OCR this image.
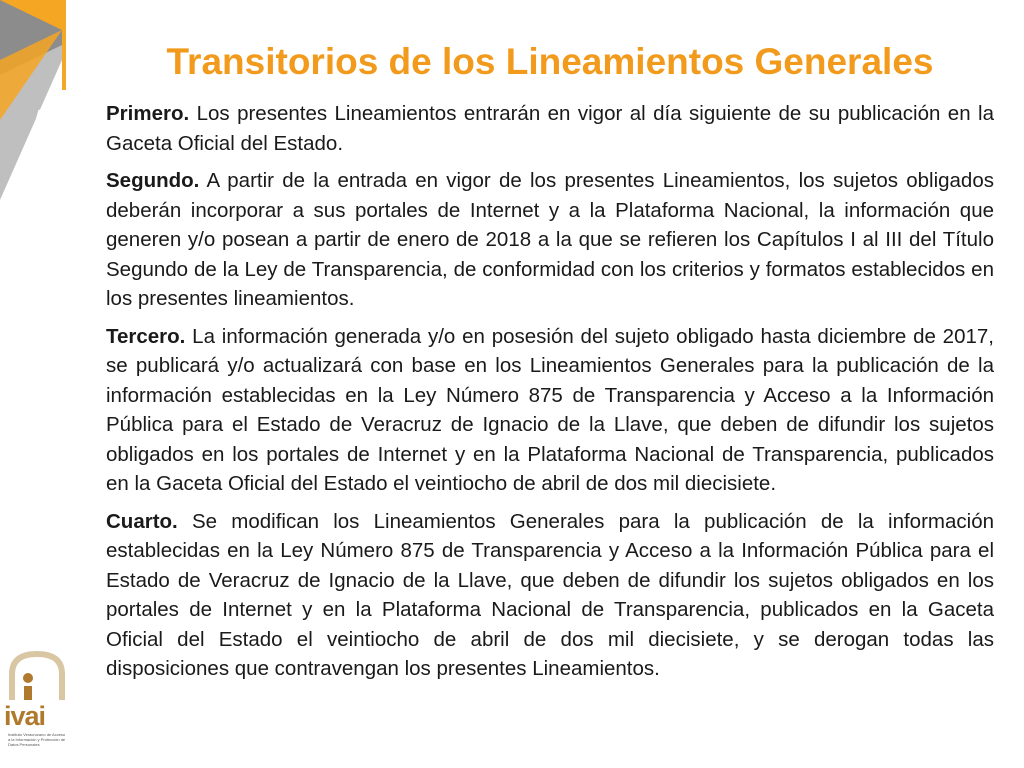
Transitorios de los Lineamientos Generales

Primero. Los presentes Lineamientos entrarán en vigor al día siguiente de su publicación en la Gaceta Oficial del Estado.

Segundo. A partir de la entrada en vigor de los presentes Lineamientos, los sujetos obligados deberán incorporar a sus portales de Internet y a la Plataforma Nacional, la información que generen y/o posean a partir de enero de 2018 a la que se refieren los Capítulos I al III del Título Segundo de la Ley de Transparencia, de conformidad con los criterios y formatos establecidos en los presentes lineamientos.

Tercero. La información generada y/o en posesión del sujeto obligado hasta diciembre de 2017, se publicará y/o actualizará con base en los Lineamientos Generales para la publicación de la información establecidas en la Ley Número 875 de Transparencia y Acceso a la Información Pública para el Estado de Veracruz de Ignacio de la Llave, que deben de difundir los sujetos obligados en los portales de Internet y en la Plataforma Nacional de Transparencia, publicados en la Gaceta Oficial del Estado el veintiocho de abril de dos mil diecisiete.

Cuarto. Se modifican los Lineamientos Generales para la publicación de la información establecidas en la Ley Número 875 de Transparencia y Acceso a la Información Pública para el Estado de Veracruz de Ignacio de la Llave, que deben de difundir los sujetos obligados en los portales de Internet y en la Plataforma Nacional de Transparencia, publicados en la Gaceta Oficial del Estado el veintiocho de abril de dos mil diecisiete, y se derogan todas las disposiciones que contravengan los presentes Lineamientos.

ivai
Instituto Veracruzano de Acceso a la Información y Protección de Datos Personales
